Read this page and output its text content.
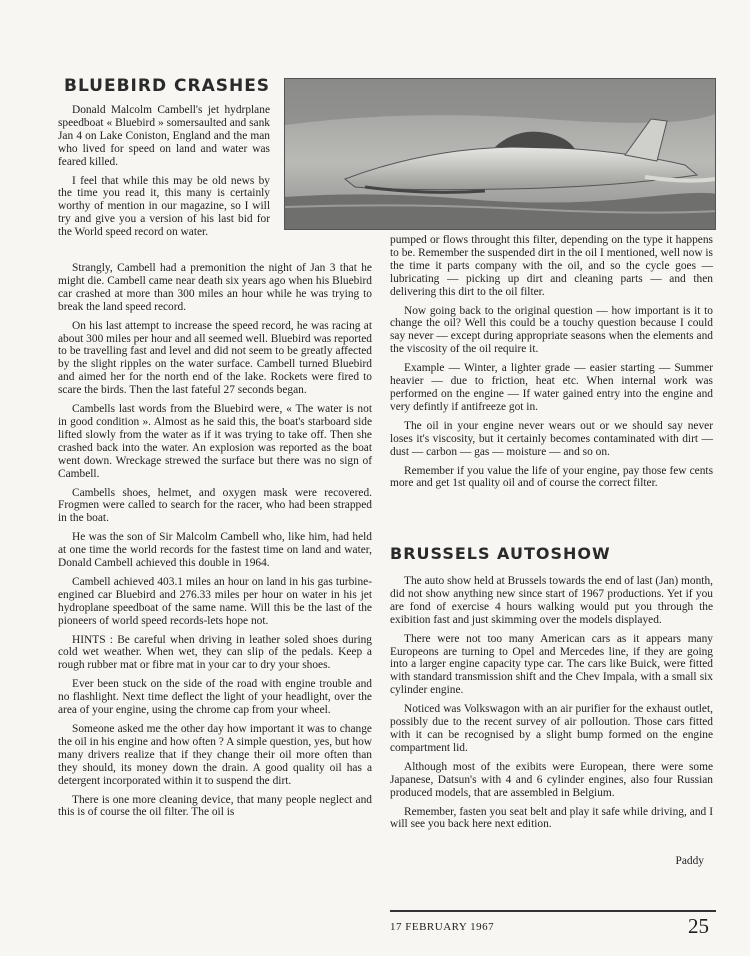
BLUEBIRD CRASHES

Donald Malcolm Cambell's jet hydrplane speedboat « Bluebird » somersaulted and sank Jan 4 on Lake Coniston, England and the man who lived for speed on land and water was feared killed.

I feel that while this may be old news by the time you read it, this many is certainly worthy of mention in our magazine, so I will try and give you a version of his last bid for the World speed record on water.

Strangly, Cambell had a premonition the night of Jan 3 that he might die. Cambell came near death six years ago when his Bluebird car crashed at more than 300 miles an hour while he was trying to break the land speed record.

On his last attempt to increase the speed record, he was racing at about 300 miles per hour and all seemed well. Bluebird was reported to be travelling fast and level and did not seem to be greatly affected by the slight ripples on the water surface. Cambell turned Bluebird and aimed her for the north end of the lake. Rockets were fired to scare the birds. Then the last fateful 27 seconds began.

Cambells last words from the Bluebird were, « The water is not in good condition ». Almost as he said this, the boat's starboard side lifted slowly from the water as if it was trying to take off. Then she crashed back into the water. An explosion was reported as the boat went down. Wreckage strewed the surface but there was no sign of Cambell.

Cambells shoes, helmet, and oxygen mask were recovered. Frogmen were called to search for the racer, who had been strapped in the boat.

He was the son of Sir Malcolm Cambell who, like him, had held at one time the world records for the fastest time on land and water, Donald Cambell achieved this double in 1964.

Cambell achieved 403.1 miles an hour on land in his gas turbine-engined car Bluebird and 276.33 miles per hour on water in his jet hydroplane speedboat of the same name. Will this be the last of the pioneers of world speed records-lets hope not.

HINTS : Be careful when driving in leather soled shoes during cold wet weather. When wet, they can slip of the pedals. Keep a rough rubber mat or fibre mat in your car to dry your shoes.

Ever been stuck on the side of the road with engine trouble and no flashlight. Next time deflect the light of your headlight, over the area of your engine, using the chrome cap from your wheel.

Someone asked me the other day how important it was to change the oil in his engine and how often ? A simple question, yes, but how many drivers realize that if they change their oil more often than they should, its money down the drain. A good quality oil has a detergent incorporated within it to suspend the dirt.

There is one more cleaning device, that many people neglect and this is of course the oil filter. The oil is

pumped or flows throught this filter, depending on the type it happens to be. Remember the suspended dirt in the oil I mentioned, well now is the time it parts company with the oil, and so the cycle goes — lubricating — picking up dirt and cleaning parts — and then delivering this dirt to the oil filter.

Now going back to the original question — how important is it to change the oil? Well this could be a touchy question because I could say never — except during appropriate seasons when the elements and the viscosity of the oil require it.

Example — Winter, a lighter grade — easier starting — Summer heavier — due to friction, heat etc. When internal work was performed on the engine — If water gained entry into the engine and very defintly if antifreeze got in.

The oil in your engine never wears out or we should say never loses it's viscosity, but it certainly becomes contaminated with dirt — dust — carbon — gas — moisture — and so on.

Remember if you value the life of your engine, pay those few cents more and get 1st quality oil and of course the correct filter.

BRUSSELS AUTOSHOW

The auto show held at Brussels towards the end of last (Jan) month, did not show anything new since start of 1967 productions. Yet if you are fond of exercise 4 hours walking would put you through the exibition fast and just skimming over the models displayed.

There were not too many American cars as it appears many Europeons are turning to Opel and Mercedes line, if they are going into a larger engine capacity type car. The cars like Buick, were fitted with standard transmission shift and the Chev Impala, with a small six cylinder engine.

Noticed was Volkswagon with an air purifier for the exhaust outlet, possibly due to the recent survey of air polloution. Those cars fitted with it can be recognised by a slight bump formed on the engine compartment lid.

Although most of the exibits were European, there were some Japanese, Datsun's with 4 and 6 cylinder engines, also four Russian produced models, that are assembled in Belgium.

Remember, fasten you seat belt and play it safe while driving, and I will see you back here next edition.

Paddy

17 FEBRUARY 1967	25
